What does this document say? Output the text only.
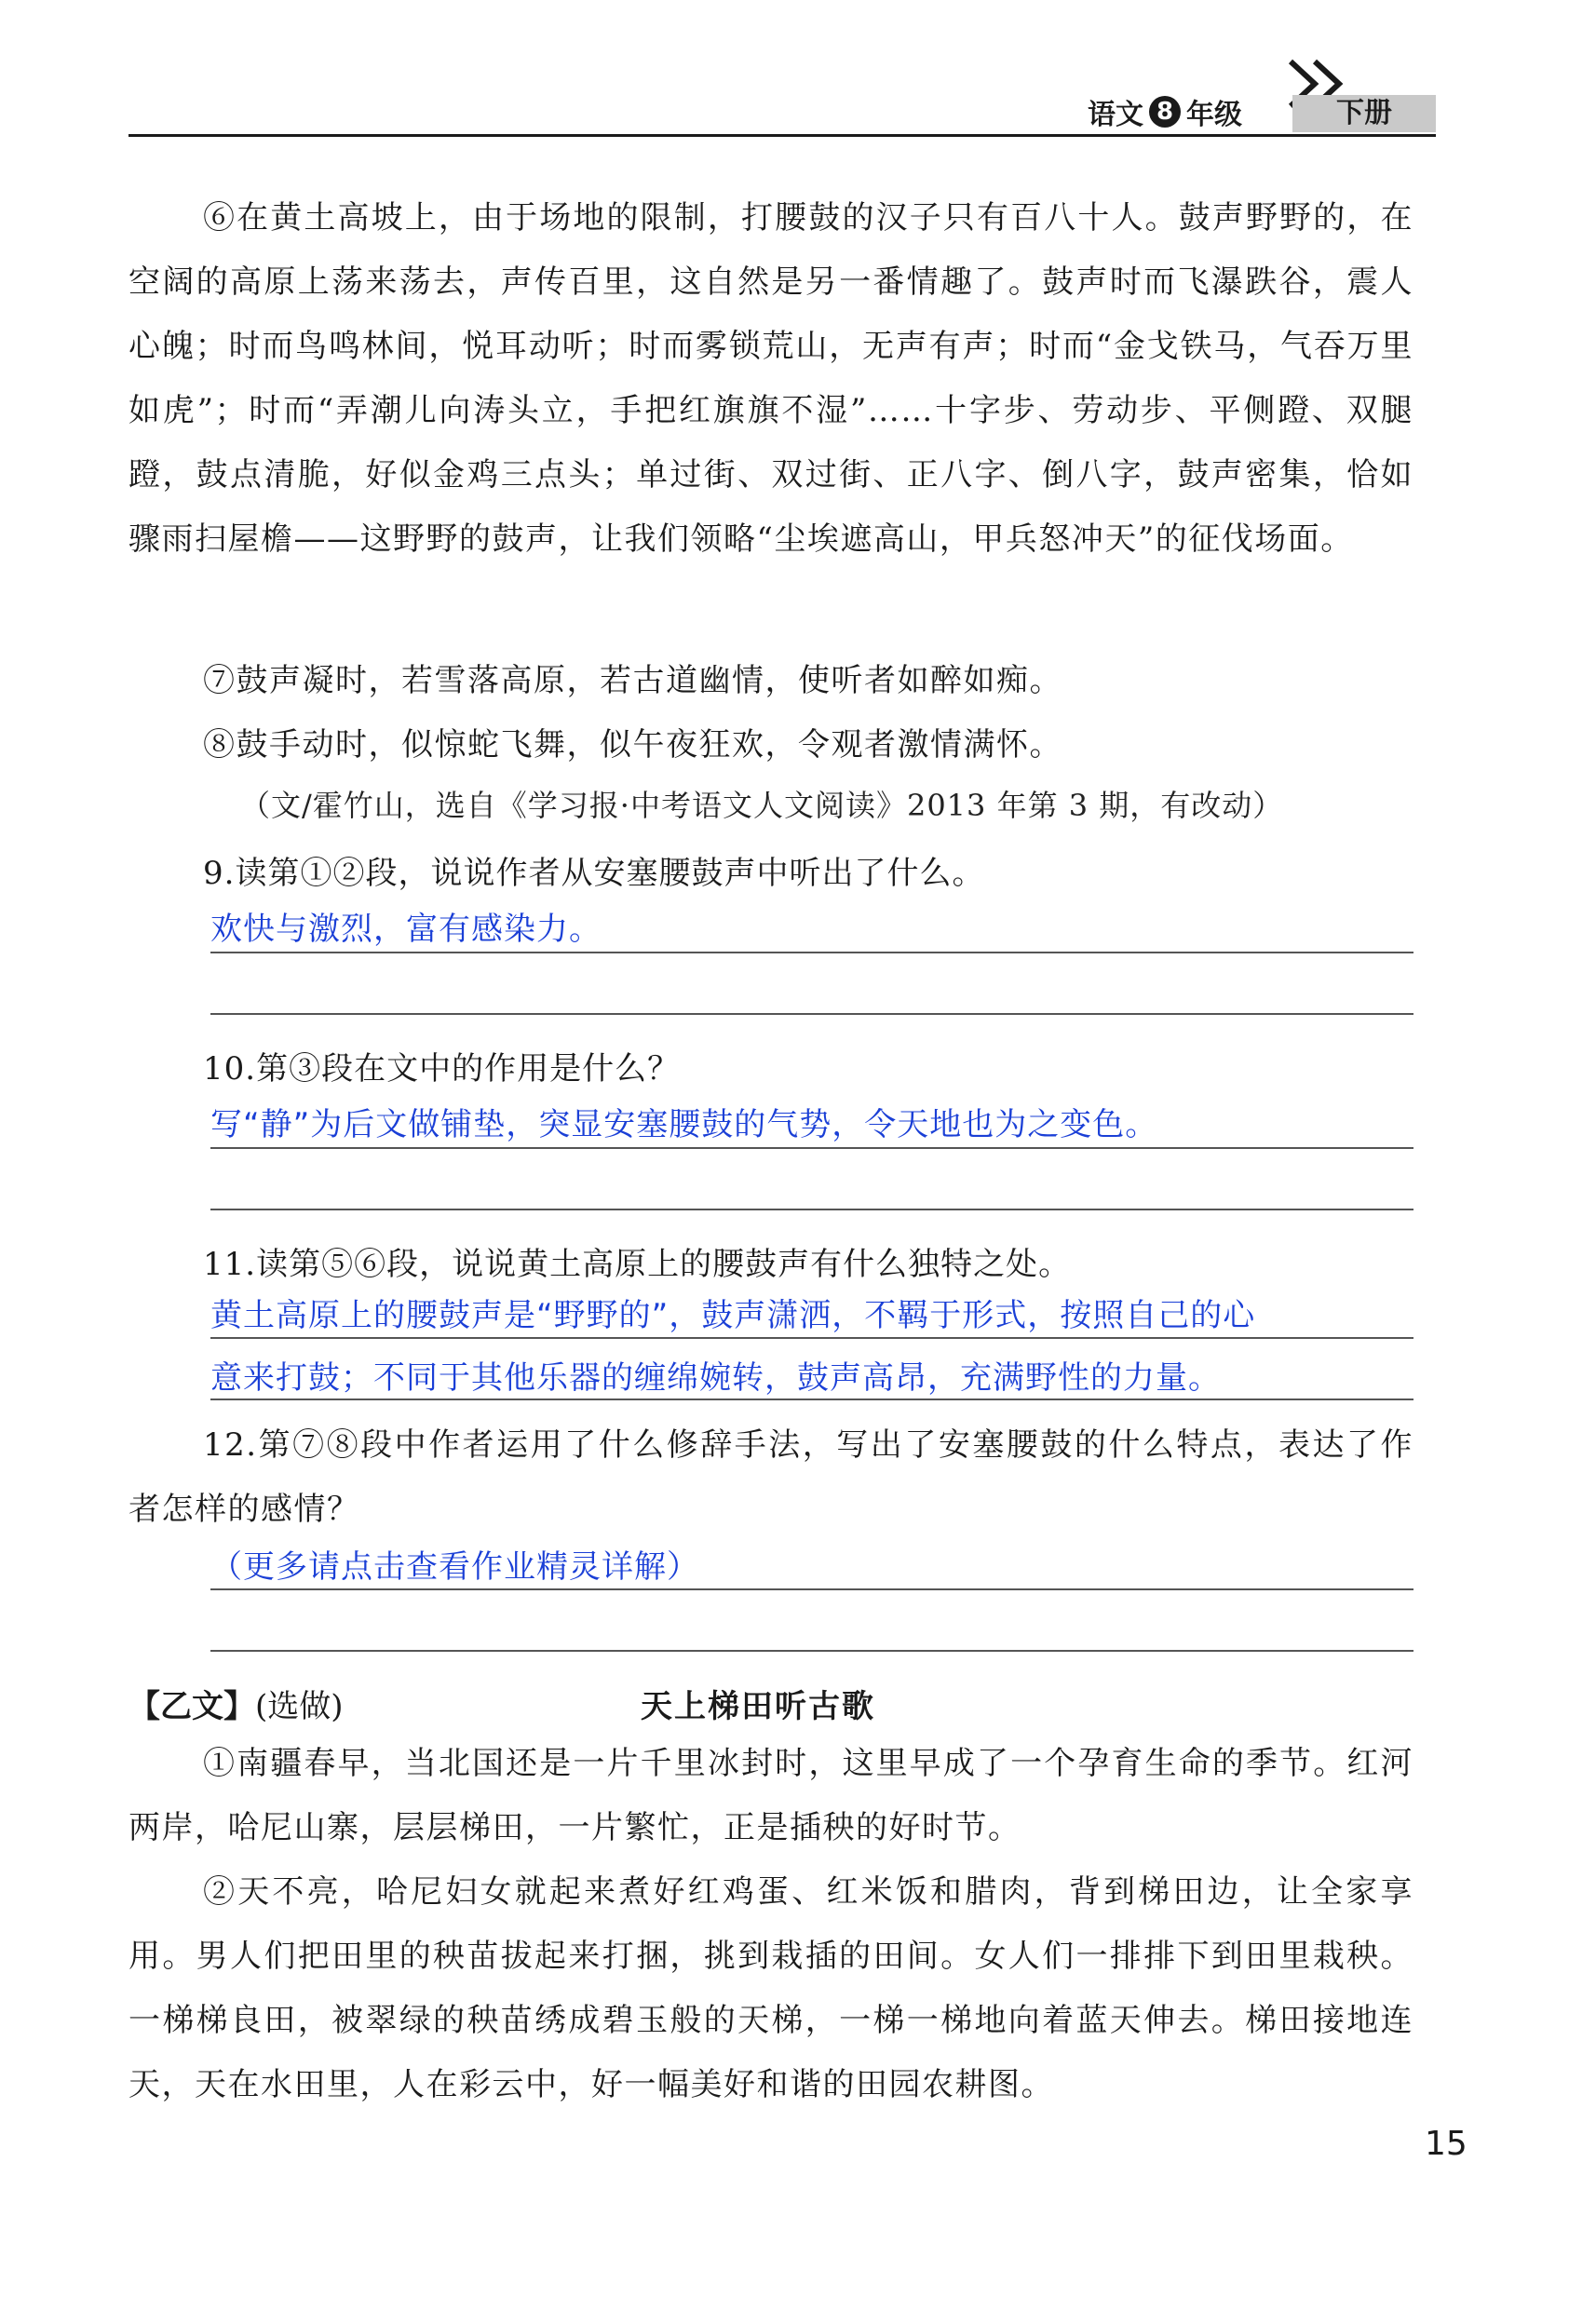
语文 8 年级	下册
⑥在黄土高坡上，由于场地的限制，打腰鼓的汉子只有百八十人。鼓声野野的，在空阔的高原上荡来荡去，声传百里，这自然是另一番情趣了。鼓声时而飞瀑跌谷，震人心魄；时而鸟鸣林间，悦耳动听；时而雾锁荒山，无声有声；时而“金戈铁马，气吞万里如虎”；时而“弄潮儿向涛头立，手把红旗旗不湿”……十字步、劳动步、平侧蹬、双腿蹬，鼓点清脆，好似金鸡三点头；单过街、双过街、正八字、倒八字，鼓声密集，恰如骤雨扫屋檐——这野野的鼓声，让我们领略“尘埃遮高山，甲兵怒冲天”的征伐场面。
⑦鼓声凝时，若雪落高原，若古道幽情，使听者如醉如痴。
⑧鼓手动时，似惊蛇飞舞，似午夜狂欢，令观者激情满怀。
（文/霍竹山，选自《学习报·中考语文人文阅读》2013 年第 3 期，有改动）
9.读第①②段，说说作者从安塞腰鼓声中听出了什么。
欢快与激烈，富有感染力。
10.第③段在文中的作用是什么？
写“静”为后文做铺垫，突显安塞腰鼓的气势，令天地也为之变色。
11.读第⑤⑥段，说说黄土高原上的腰鼓声有什么独特之处。
黄土高原上的腰鼓声是“野野的”，鼓声潇洒，不羁于形式，按照自己的心
意来打鼓；不同于其他乐器的缠绵婉转，鼓声高昂，充满野性的力量。
12.第⑦⑧段中作者运用了什么修辞手法，写出了安塞腰鼓的什么特点，表达了作者怎样的感情？
（更多请点击查看作业精灵详解）
【乙文】(选做)	天上梯田听古歌
①南疆春早，当北国还是一片千里冰封时，这里早成了一个孕育生命的季节。红河两岸，哈尼山寨，层层梯田，一片繁忙，正是插秧的好时节。
②天不亮，哈尼妇女就起来煮好红鸡蛋、红米饭和腊肉，背到梯田边，让全家享用。男人们把田里的秧苗拔起来打捆，挑到栽插的田间。女人们一排排下到田里栽秧。一梯梯良田，被翠绿的秧苗绣成碧玉般的天梯，一梯一梯地向着蓝天伸去。梯田接地连天，天在水田里，人在彩云中，好一幅美好和谐的田园农耕图。
15
